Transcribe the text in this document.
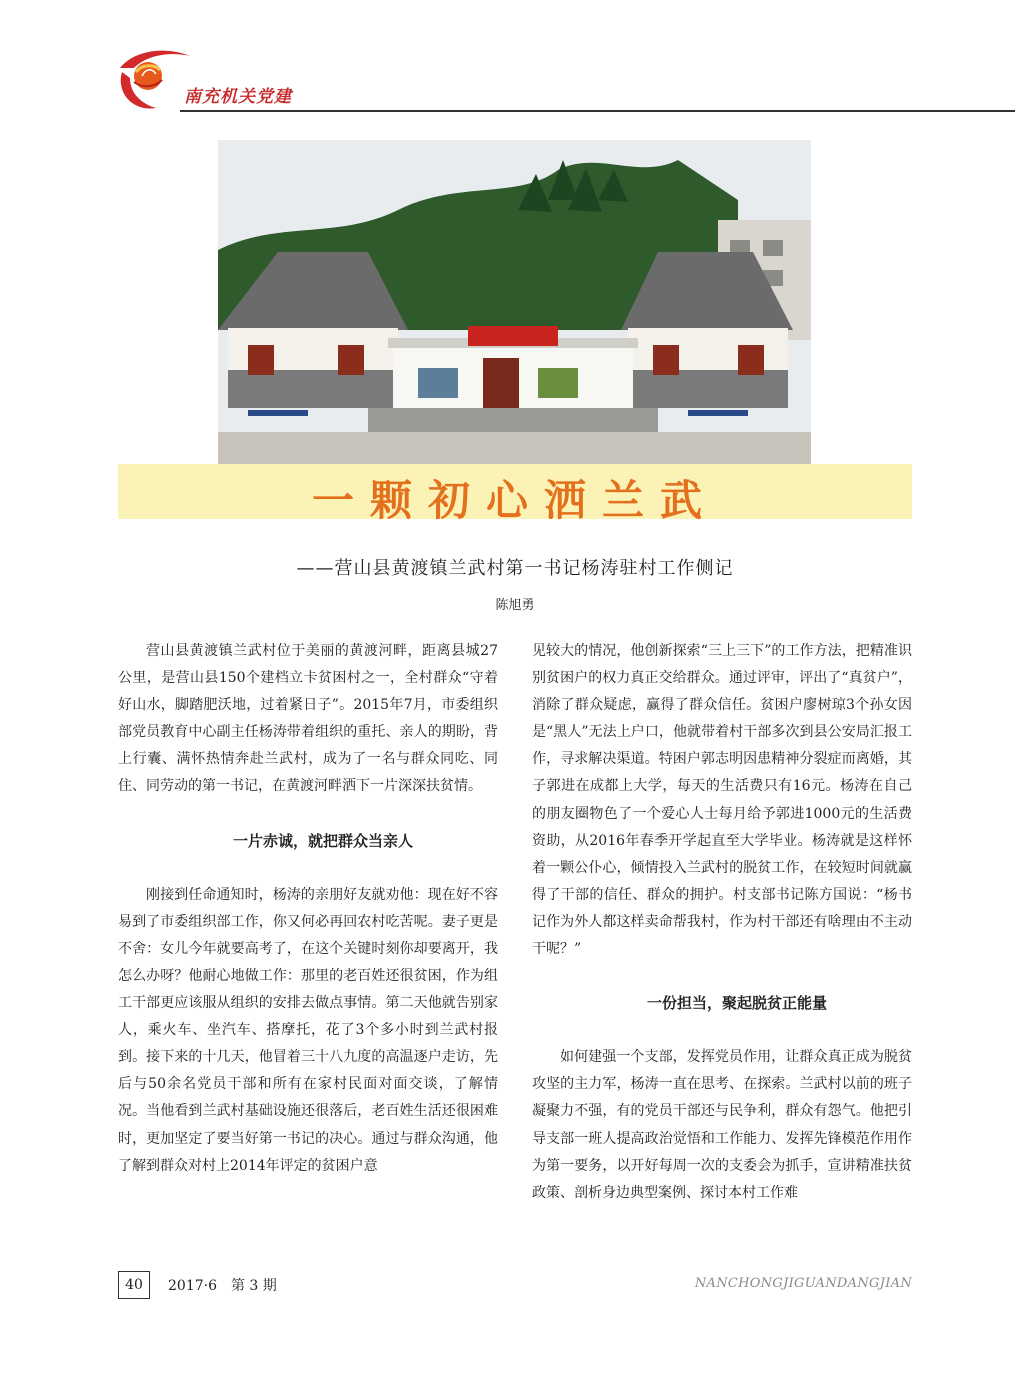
南充机关党建
一颗初心洒兰武
——营山县黄渡镇兰武村第一书记杨涛驻村工作侧记
陈旭勇

营山县黄渡镇兰武村位于美丽的黄渡河畔，距离县城27公里，是营山县150个建档立卡贫困村之一，全村群众“守着好山水，脚踏肥沃地，过着紧日子”。2015年7月，市委组织部党员教育中心副主任杨涛带着组织的重托、亲人的期盼，背上行囊、满怀热情奔赴兰武村，成为了一名与群众同吃、同住、同劳动的第一书记，在黄渡河畔洒下一片深深扶贫情。

一片赤诚，就把群众当亲人

刚接到任命通知时，杨涛的亲朋好友就劝他：现在好不容易到了市委组织部工作，你又何必再回农村吃苦呢。妻子更是不舍：女儿今年就要高考了，在这个关键时刻你却要离开，我怎么办呀？他耐心地做工作：那里的老百姓还很贫困，作为组工干部更应该服从组织的安排去做点事情。第二天他就告别家人，乘火车、坐汽车、搭摩托，花了3个多小时到兰武村报到。接下来的十几天，他冒着三十八九度的高温逐户走访，先后与50余名党员干部和所有在家村民面对面交谈，了解情况。当他看到兰武村基础设施还很落后，老百姓生活还很困难时，更加坚定了要当好第一书记的决心。通过与群众沟通，他了解到群众对村上2014年评定的贫困户意

见较大的情况，他创新探索“三上三下”的工作方法，把精准识别贫困户的权力真正交给群众。通过评审，评出了“真贫户”，消除了群众疑虑，赢得了群众信任。贫困户廖树琼3个孙女因是“黑人”无法上户口，他就带着村干部多次到县公安局汇报工作，寻求解决渠道。特困户郭志明因患精神分裂症而离婚，其子郭进在成都上大学，每天的生活费只有16元。杨涛在自己的朋友圈物色了一个爱心人士每月给予郭进1000元的生活费资助，从2016年春季开学起直至大学毕业。杨涛就是这样怀着一颗公仆心，倾情投入兰武村的脱贫工作，在较短时间就赢得了干部的信任、群众的拥护。村支部书记陈方国说：“杨书记作为外人都这样卖命帮我村，作为村干部还有啥理由不主动干呢？”

一份担当，聚起脱贫正能量

如何建强一个支部，发挥党员作用，让群众真正成为脱贫攻坚的主力军，杨涛一直在思考、在探索。兰武村以前的班子凝聚力不强，有的党员干部还与民争利，群众有怨气。他把引导支部一班人提高政治觉悟和工作能力、发挥先锋模范作用作为第一要务，以开好每周一次的支委会为抓手，宣讲精准扶贫政策、剖析身边典型案例、探讨本村工作难

40	2017·6　第 3 期	NANCHONGJIGUANDANGJIAN
